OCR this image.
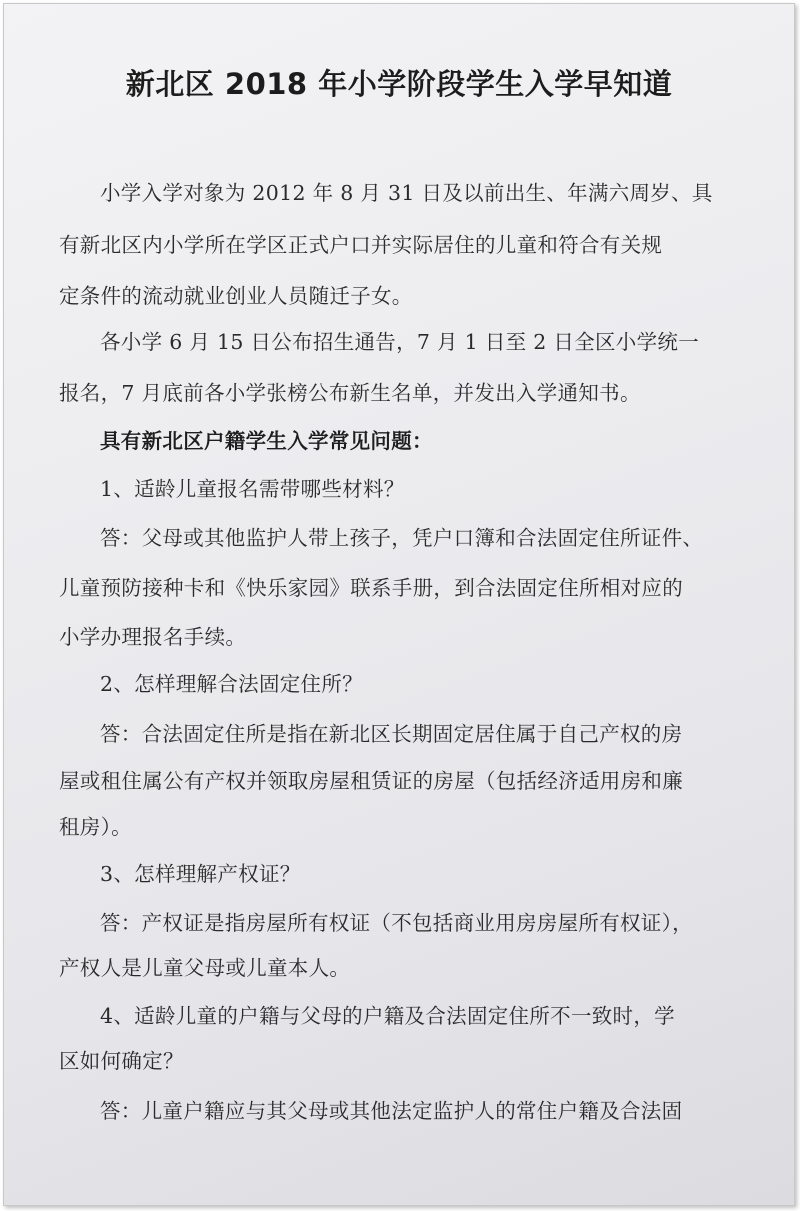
新北区 2018 年小学阶段学生入学早知道
小学入学对象为 2012 年 8 月 31 日及以前出生、年满六周岁、具
有新北区内小学所在学区正式户口并实际居住的儿童和符合有关规
定条件的流动就业创业人员随迁子女。
各小学 6 月 15 日公布招生通告，7 月 1 日至 2 日全区小学统一
报名，7 月底前各小学张榜公布新生名单，并发出入学通知书。
具有新北区户籍学生入学常见问题：
1、适龄儿童报名需带哪些材料？
答：父母或其他监护人带上孩子，凭户口簿和合法固定住所证件、
儿童预防接种卡和《快乐家园》联系手册，到合法固定住所相对应的
小学办理报名手续。
2、怎样理解合法固定住所？
答：合法固定住所是指在新北区长期固定居住属于自己产权的房
屋或租住属公有产权并领取房屋租赁证的房屋（包括经济适用房和廉
租房）。
3、怎样理解产权证？
答：产权证是指房屋所有权证（不包括商业用房房屋所有权证），
产权人是儿童父母或儿童本人。
4、适龄儿童的户籍与父母的户籍及合法固定住所不一致时，学
区如何确定？
答：儿童户籍应与其父母或其他法定监护人的常住户籍及合法固
